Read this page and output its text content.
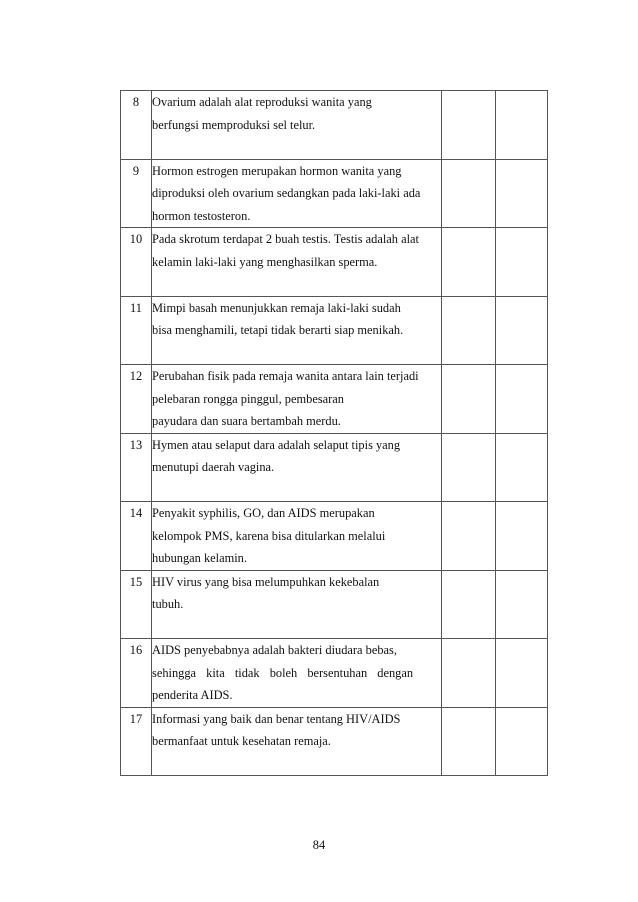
8	Ovarium adalah alat reproduksi wanita yang
berfungsi memproduksi sel telur.		

9	Hormon estrogen merupakan hormon wanita yang
diproduksi oleh ovarium sedangkan pada laki-laki ada
hormon testosteron.		

10	Pada skrotum terdapat 2 buah testis. Testis adalah alat
kelamin laki-laki yang menghasilkan sperma.		

11	Mimpi basah menunjukkan remaja laki-laki sudah
bisa menghamili, tetapi tidak berarti siap menikah.		

12	Perubahan fisik pada remaja wanita antara lain terjadi
pelebaran rongga pinggul, pembesaran
payudara dan suara bertambah merdu.		

13	Hymen atau selaput dara adalah selaput tipis yang
menutupi daerah vagina.		

14	Penyakit syphilis, GO, dan AIDS merupakan
kelompok PMS, karena bisa ditularkan melalui
hubungan kelamin.		

15	HIV virus yang bisa melumpuhkan kekebalan
tubuh.		

16	AIDS penyebabnya adalah bakteri diudara bebas,
sehingga kita tidak boleh bersentuhan dengan
penderita AIDS.		

17	Informasi yang baik dan benar tentang HIV/AIDS
bermanfaat untuk kesehatan remaja.		

84
